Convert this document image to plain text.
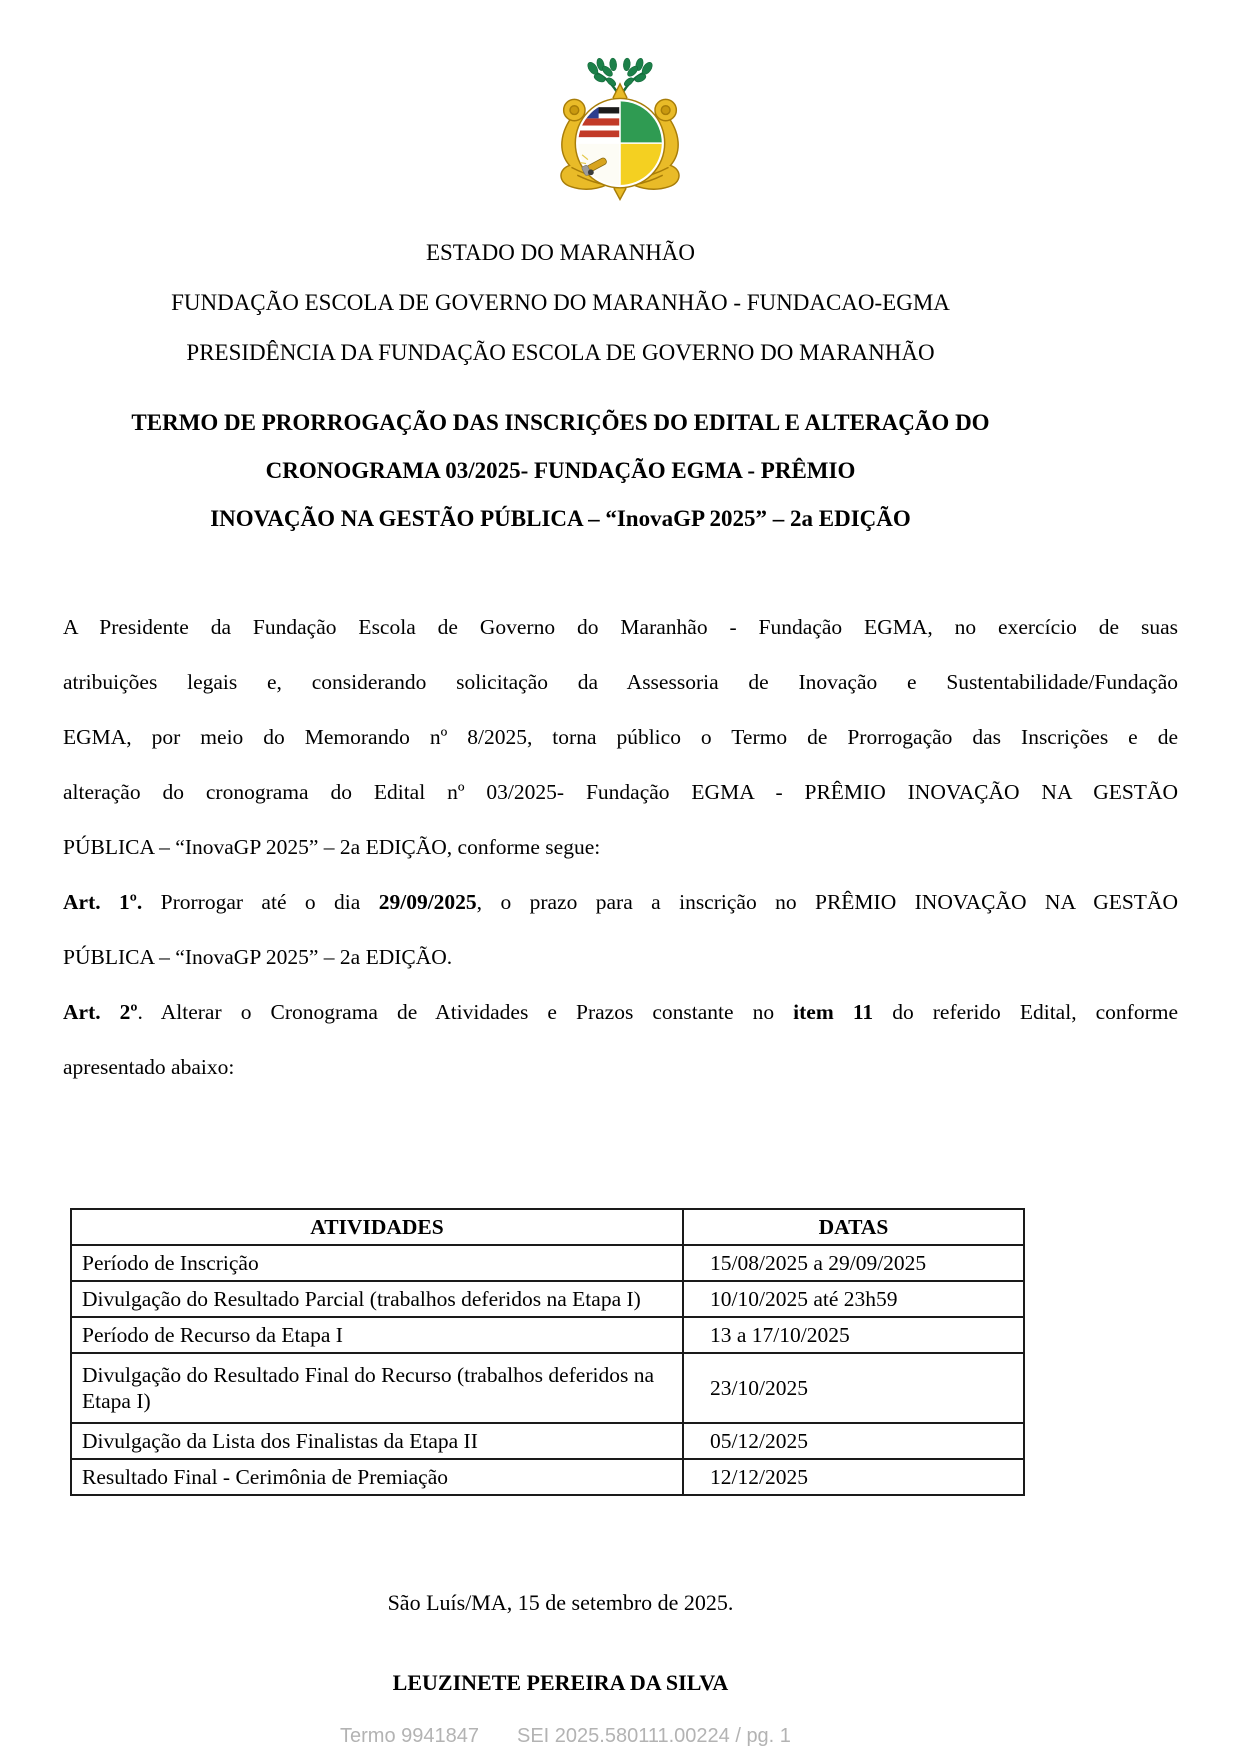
ESTADO DO MARANHÃO
FUNDAÇÃO ESCOLA DE GOVERNO DO MARANHÃO - FUNDACAO-EGMA
PRESIDÊNCIA DA FUNDAÇÃO ESCOLA DE GOVERNO DO MARANHÃO
TERMO DE PRORROGAÇÃO DAS INSCRIÇÕES DO EDITAL E ALTERAÇÃO DO
CRONOGRAMA 03/2025- FUNDAÇÃO EGMA - PRÊMIO
INOVAÇÃO NA GESTÃO PÚBLICA – “InovaGP 2025” – 2a EDIÇÃO
A Presidente da Fundação Escola de Governo do Maranhão - Fundação EGMA, no exercício de suas
atribuições legais e, considerando solicitação da Assessoria de Inovação e Sustentabilidade/Fundação
EGMA, por meio do Memorando nº 8/2025, torna público o Termo de Prorrogação das Inscrições e de
alteração do cronograma do Edital nº 03/2025- Fundação EGMA - PRÊMIO INOVAÇÃO NA GESTÃO
PÚBLICA – “InovaGP 2025” – 2a EDIÇÃO, conforme segue:
Art. 1º. Prorrogar até o dia 29/09/2025, o prazo para a inscrição no PRÊMIO INOVAÇÃO NA GESTÃO
PÚBLICA – “InovaGP 2025” – 2a EDIÇÃO.
Art. 2º. Alterar o Cronograma de Atividades e Prazos constante no item 11 do referido Edital, conforme
apresentado abaixo:
ATIVIDADES	DATAS
Período de Inscrição	15/08/2025 a 29/09/2025
Divulgação do Resultado Parcial (trabalhos deferidos na Etapa I)	10/10/2025 até 23h59
Período de Recurso da Etapa I	13 a 17/10/2025
Divulgação do Resultado Final do Recurso (trabalhos deferidos na Etapa I)	23/10/2025
Divulgação da Lista dos Finalistas da Etapa II	05/12/2025
Resultado Final - Cerimônia de Premiação	12/12/2025
São Luís/MA, 15 de setembro de 2025.
LEUZINETE PEREIRA DA SILVA
Termo 9941847 SEI 2025.580111.00224 / pg. 1
